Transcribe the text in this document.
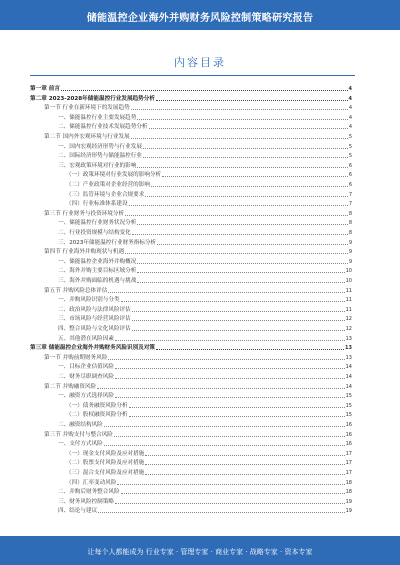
储能温控企业海外并购财务风险控制策略研究报告
内容目录
第一章 前言	4
第二章 2023-2028年储能温控行业发展趋势分析	4
第一节 行业在新环境下的发展趋势	4
一、储能温控行业主要发展趋势	4
二、储能温控行业技术发展趋势分析	4
第二节 国内外宏观环境与行业发展	5
一、国内宏观经济形势与行业发展	5
二、国际经济形势与储能温控行业	5
三、宏观政策环境对行业的影响	6
（一）政策环境对行业发展的影响分析	6
（二）产业政策对企业经营的影响	6
（三）监管环境与企业合规要求	7
（四）行业标准体系建设	7
第三节 行业财务与投资环境分析	8
一、储能温控行业财务状况分析	8
二、行业投资规模与结构变化	8
三、2023年储能温控行业财务指标分析	9
第四节 行业海外并购现状与机遇	9
一、储能温控企业海外并购概况	9
二、海外并购主要目标区域分析	10
三、海外并购面临的机遇与挑战	10
第五节 并购风险总体评估	11
一、并购风险识别与分类	11
二、政治风险与法律风险评估	11
三、市场风险与经营风险评估	12
四、整合风险与文化风险评估	12
五、其他潜在风险因素	13
第三章 储能温控企业海外并购财务风险识别及对策	13
第一节 并购前期财务风险	13
一、目标企业估值风险	14
二、财务尽职调查风险	14
第二节 并购融资风险	14
一、融资方式选择风险	15
（一）债务融资风险分析	15
（二）股权融资风险分析	15
二、融资结构风险	16
第三节 并购支付与整合风险	16
一、支付方式风险	16
（一）现金支付风险及应对措施	17
（二）股票支付风险及应对措施	17
（三）混合支付风险及应对措施	17
（四）汇率变动风险	18
二、并购后财务整合风险	18
三、财务风险控制策略	19
四、结论与建议	19
让每个人都能成为 行业专家 · 管理专家 · 商业专家 · 战略专家 · 资本专家
